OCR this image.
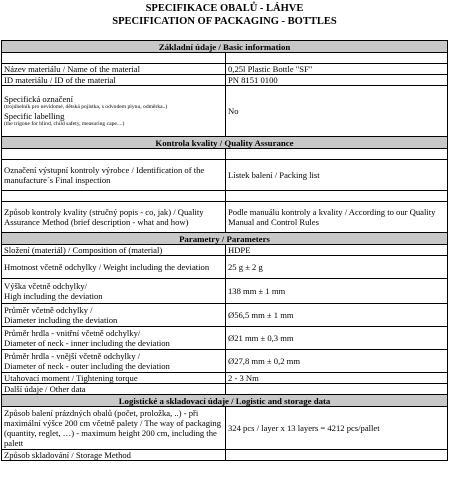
SPECIFIKACE OBALŮ - LÁHVE
SPECIFICATION OF PACKAGING - BOTTLES
Základní údaje / Basic information	

Název materiálu / Name of the material	0,25l Plastic Bottle "SF"
ID materiálu / ID of the material	PN 8151 0100
Specifická označení
(trojúhelník pro nevidomé, dětská pojistka, s odvodem plynu, odměrka..)
Specific labelling
(the trigone for blind, child safety, measuring cape....)	No
Kontrola kvality / Quality Assurance	

Označení výstupní kontroly výrobce / Identification of the manufacture´s Final inspection	Lístek balení / Packing list

Způsob kontroly kvality (stručný popis - co, jak) / Quality Assurance Method (brief description - what and how)	Podle manuálu kontroly a kvality / According to our Quality Manual and Control Rules
Parametry / Parameters	
Složení (materiál) / Composition of (material)	HDPE
Hmotnost včetně odchylky / Weight including the deviation	25 g ± 2 g

Výška včetně odchylky/
High including the deviation	138 mm ± 1 mm

Průměr včetně odchylky /
Diameter including the deviation	Ø56,5 mm ± 1 mm

Průměr hrdla - vnitřní včetně odchylky/
Diameter of neck - inner including the deviation	Ø21 mm ± 0,3 mm

Průměr hrdla - vnější včetně odchylky /
Diameter of neck - outer including the deviation	Ø27,8 mm ± 0,2 mm
Utahovací moment / Tightening torque	2 - 3 Nm
Další údaje / Other data	
Logistické a skladovací údaje / Logistic and storage data	
Způsob balení prázdných obalů (počet, proložka, ..) - při maximální výšce 200 cm včetně palety / The way of packaging (quantity, reglet, …) - maximum height 200 cm, including the palett	324 pcs / layer x 13 layers = 4212 pcs/pallet
Způsob skladování / Storage Method	
